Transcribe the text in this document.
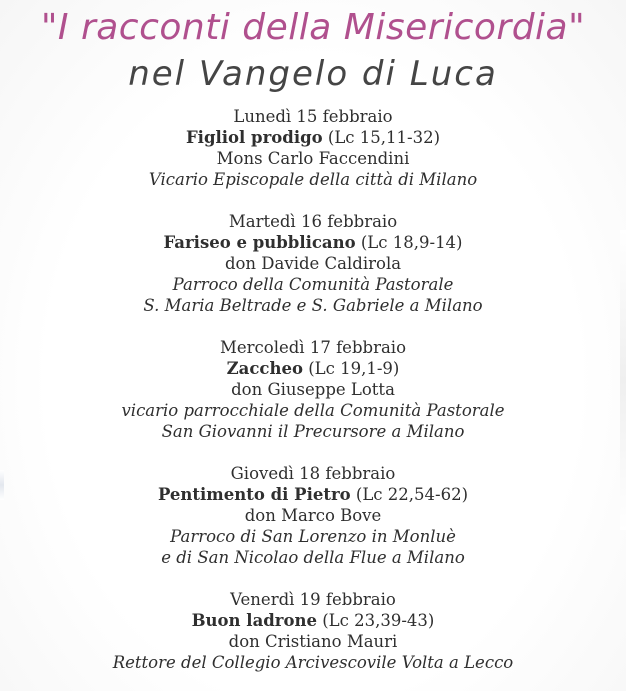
"I racconti della Misericordia"
nel Vangelo di Luca
Lunedì 15 febbraio
Figliol prodigo (Lc 15,11-32)
Mons Carlo Faccendini
Vicario Episcopale della città di Milano
Martedì 16 febbraio
Fariseo e pubblicano (Lc 18,9-14)
don Davide Caldirola
Parroco della Comunità Pastorale
S. Maria Beltrade e S. Gabriele a Milano
Mercoledì 17 febbraio
Zaccheo (Lc 19,1-9)
don Giuseppe Lotta
vicario parrocchiale della Comunità Pastorale
San Giovanni il Precursore a Milano
Giovedì 18 febbraio
Pentimento di Pietro (Lc 22,54-62)
don Marco Bove
Parroco di San Lorenzo in Monluè
e di San Nicolao della Flue a Milano
Venerdì 19 febbraio
Buon ladrone (Lc 23,39-43)
don Cristiano Mauri
Rettore del Collegio Arcivescovile Volta a Lecco
